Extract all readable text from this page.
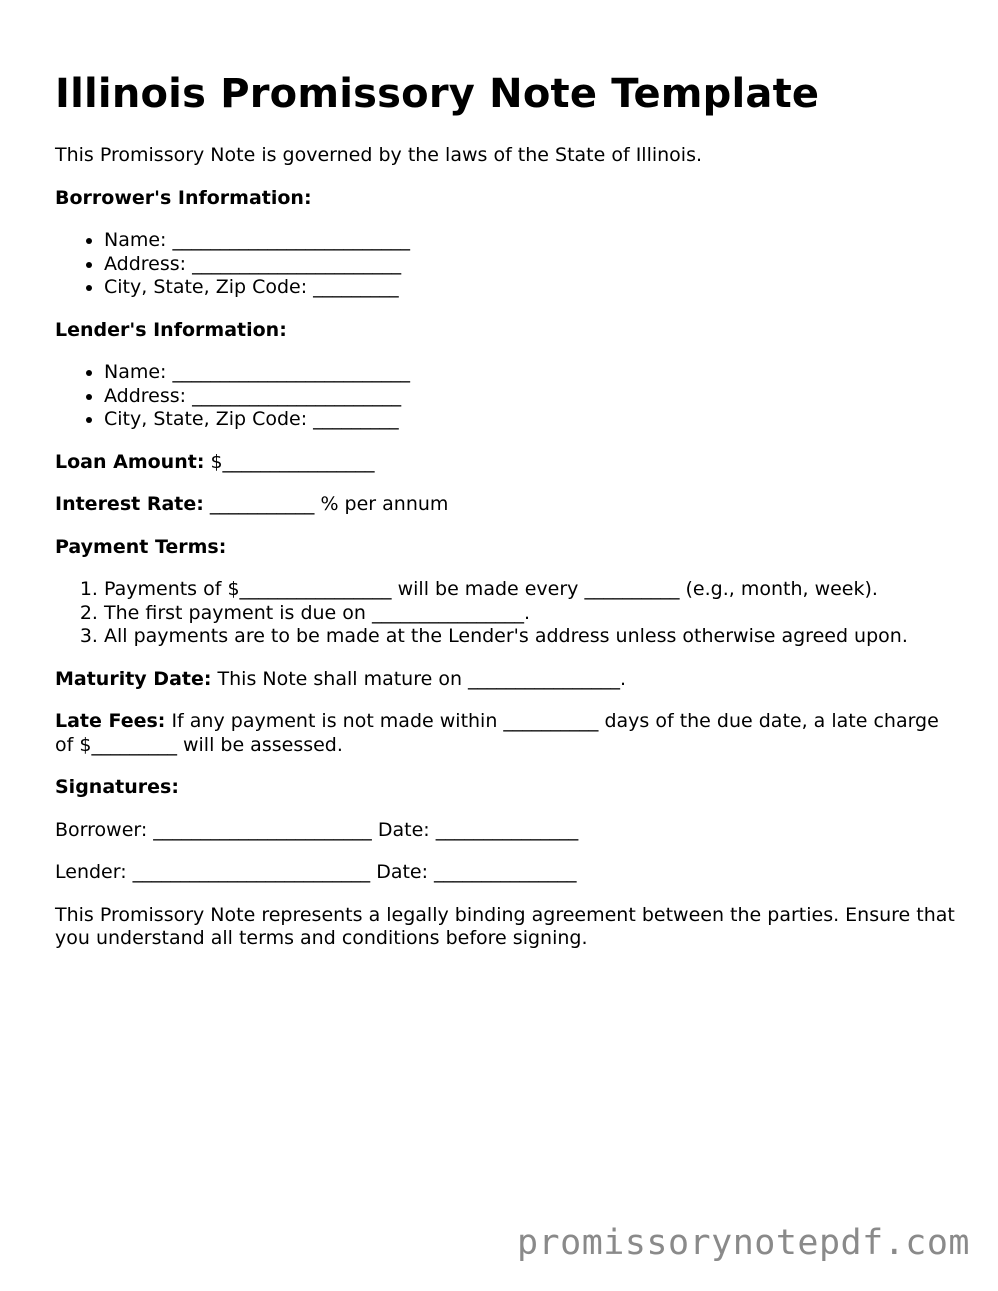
Illinois Promissory Note Template

This Promissory Note is governed by the laws of the State of Illinois.

Borrower's Information:

• Name: _________________________
• Address: ______________________
• City, State, Zip Code: _________

Lender's Information:

• Name: _________________________
• Address: ______________________
• City, State, Zip Code: _________

Loan Amount: $________________

Interest Rate: ___________ % per annum

Payment Terms:

1. Payments of $________________ will be made every __________ (e.g., month, week).
2. The first payment is due on ________________.
3. All payments are to be made at the Lender's address unless otherwise agreed upon.

Maturity Date: This Note shall mature on ________________.

Late Fees: If any payment is not made within __________ days of the due date, a late charge of $_________ will be assessed.

Signatures:

Borrower: _______________________ Date: _______________

Lender: _________________________ Date: _______________

This Promissory Note represents a legally binding agreement between the parties. Ensure that you understand all terms and conditions before signing.

promissorynotepdf.com
